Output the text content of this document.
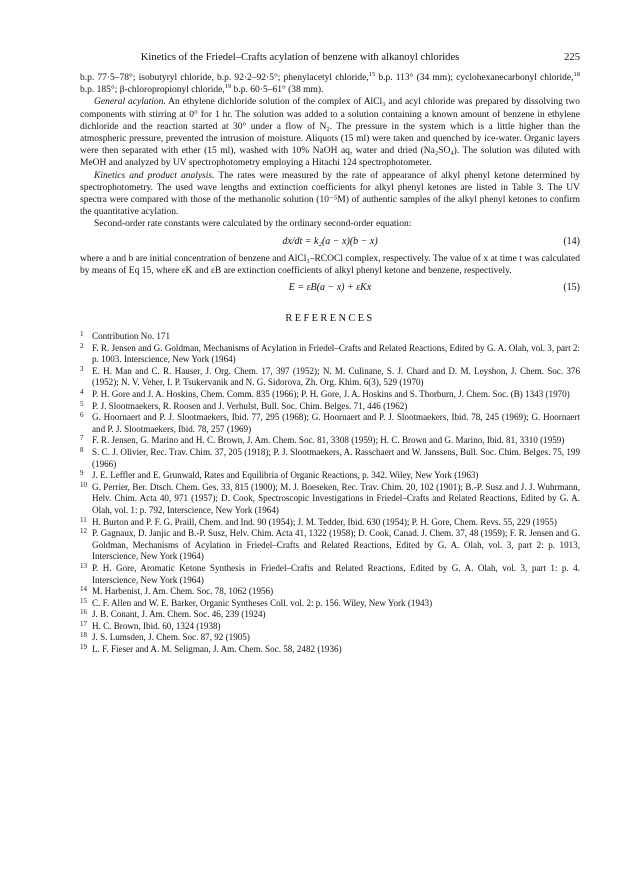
Kinetics of the Friedel–Crafts acylation of benzene with alkanoyl chlorides	225

b.p. 77·5–78°; isobutyryl chloride, b.p. 92·2–92·5°; phenylacetyl chloride,$^{15}$ b.p. 113° (34 mm); cyclohexanecarbonyl chloride,$^{18}$ b.p. 185°; β-chloropropionyl chloride,$^{19}$ b.p. 60·5–61° (38 mm).

General acylation. An ethylene dichloride solution of the complex of AlCl₃ and acyl chloride was prepared by dissolving two components with stirring at 0° for 1 hr. The solution was added to a solution containing a known amount of benzene in ethylene dichloride and the reaction started at 30° under a flow of N₂. The pressure in the system which is a little higher than the atmospheric pressure, prevented the intrusion of moisture. Aliquots (15 ml) were taken and quenched by ice-water. Organic layers were then separated with ether (15 ml), washed with 10% NaOH aq, water and dried (Na₂SO₄). The solution was diluted with MeOH and analyzed by UV spectrophotometry employing a Hitachi 124 spectrophotometer.

Kinetics and product analysis. The rates were measured by the rate of appearance of alkyl phenyl ketone determined by spectrophotometry. The used wave lengths and extinction coefficients for alkyl phenyl ketones are listed in Table 3. The UV spectra were compared with those of the methanolic solution (10⁻⁵M) of authentic samples of the alkyl phenyl ketones to confirm the quantitative acylation.

Second-order rate constants were calculated by the ordinary second-order equation:

dx/dt = k₂(a − x)(b − x)	(14)

where a and b are initial concentration of benzene and AlCl₃–RCOCl complex, respectively. The value of x at time t was calculated by means of Eq 15, where εK and εB are extinction coefficients of alkyl phenyl ketone and benzene, respectively.

E = εB(a − x) + εKx	(15)
REFERENCES
1 Contribution No. 171
2 F. R. Jensen and G. Goldman, Mechanisms of Acylation in Friedel–Crafts and Related Reactions, Edited by G. A. Olah, vol. 3, part 2: p. 1003. Interscience, New York (1964)
3 E. H. Man and C. R. Hauser, J. Org. Chem. 17, 397 (1952); N. M. Culinane, S. J. Chard and D. M. Leyshon, J. Chem. Soc. 376 (1952); N. V. Veher, I. P. Tsukervanik and N. G. Sidorova, Zh. Org. Khim. 6(3), 529 (1970)
4 P. H. Gore and J. A. Hoskins, Chem. Comm. 835 (1966); P. H. Gore, J. A. Hoskins and S. Thorburn, J. Chem. Soc. (B) 1343 (1970)
5 P. J. Slootmaekers, R. Roosen and J. Verhulst, Bull. Soc. Chim. Belges. 71, 446 (1962)
6 G. Hoornaert and P. J. Slootmaekers, Ibid. 77, 295 (1968); G. Hoornaert and P. J. Slootmaekers, Ibid. 78, 245 (1969); G. Hoornaert and P. J. Slootmaekers, Ibid. 78, 257 (1969)
7 F. R. Jensen, G. Marino and H. C. Brown, J. Am. Chem. Soc. 81, 3308 (1959); H. C. Brown and G. Marino, Ibid. 81, 3310 (1959)
8 S. C. J. Olivier, Rec. Trav. Chim. 37, 205 (1918); P. J. Slootmaekers, A. Rasschaert and W. Janssens, Bull. Soc. Chim. Belges. 75, 199 (1966)
9 J. E. Leffler and E. Grunwald, Rates and Equilibria of Organic Reactions, p. 342. Wiley, New York (1963)
10 G. Perrier, Ber. Dtsch. Chem. Ges. 33, 815 (1900); M. J. Boeseken, Rec. Trav. Chim. 20, 102 (1901); B.-P. Susz and J. J. Wuhrmann, Helv. Chim. Acta 40, 971 (1957); D. Cook, Spectroscopic Investigations in Friedel–Crafts and Related Reactions, Edited by G. A. Olah, vol. 1: p. 792, Interscience, New York (1964)
11 H. Burton and P. F. G. Praill, Chem. and Ind. 90 (1954); J. M. Tedder, Ibid. 630 (1954); P. H. Gore, Chem. Revs. 55, 229 (1955)
12 P. Gagnaux, D. Janjic and B.-P. Susz, Helv. Chim. Acta 41, 1322 (1958); D. Cook, Canad. J. Chem. 37, 48 (1959); F. R. Jensen and G. Goldman, Mechanisms of Acylation in Friedel–Crafts and Related Reactions, Edited by G. A. Olah, vol. 3, part 2: p. 1013, Interscience, New York (1964)
13 P. H. Gore, Aromatic Ketone Synthesis in Friedel–Crafts and Related Reactions, Edited by G. A. Olah, vol. 3, part 1: p. 4. Interscience, New York (1964)
14 M. Harbenist, J. Am. Chem. Soc. 78, 1062 (1956)
15 C. F. Allen and W. E. Barker, Organic Syntheses Coll. vol. 2: p. 156. Wiley, New York (1943)
16 J. B. Conant, J. Am. Chem. Soc. 46, 239 (1924)
17 H. C. Brown, Ibid. 60, 1324 (1938)
18 J. S. Lumsden, J. Chem. Soc. 87, 92 (1905)
19 L. F. Fieser and A. M. Seligman, J. Am. Chem. Soc. 58, 2482 (1936)
